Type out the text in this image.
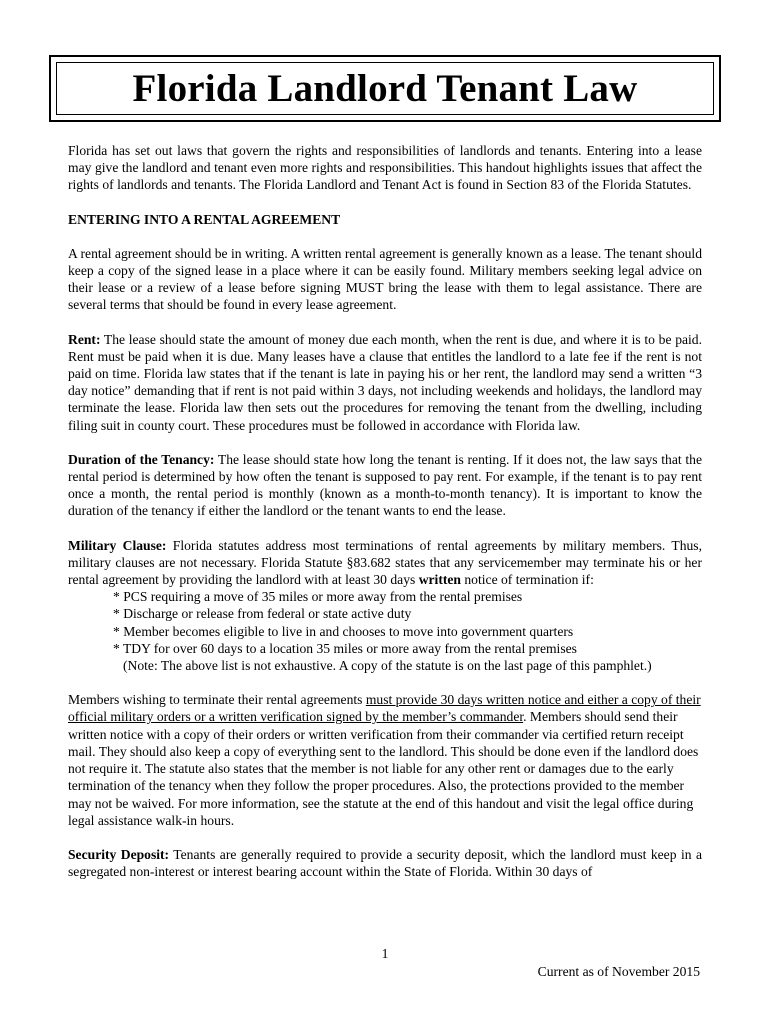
Florida Landlord Tenant Law

Florida has set out laws that govern the rights and responsibilities of landlords and tenants. Entering into a lease may give the landlord and tenant even more rights and responsibilities. This handout highlights issues that affect the rights of landlords and tenants. The Florida Landlord and Tenant Act is found in Section 83 of the Florida Statutes.

ENTERING INTO A RENTAL AGREEMENT

A rental agreement should be in writing. A written rental agreement is generally known as a lease. The tenant should keep a copy of the signed lease in a place where it can be easily found. Military members seeking legal advice on their lease or a review of a lease before signing MUST bring the lease with them to legal assistance. There are several terms that should be found in every lease agreement.

Rent: The lease should state the amount of money due each month, when the rent is due, and where it is to be paid. Rent must be paid when it is due. Many leases have a clause that entitles the landlord to a late fee if the rent is not paid on time. Florida law states that if the tenant is late in paying his or her rent, the landlord may send a written “3 day notice” demanding that if rent is not paid within 3 days, not including weekends and holidays, the landlord may terminate the lease. Florida law then sets out the procedures for removing the tenant from the dwelling, including filing suit in county court. These procedures must be followed in accordance with Florida law.

Duration of the Tenancy: The lease should state how long the tenant is renting. If it does not, the law says that the rental period is determined by how often the tenant is supposed to pay rent. For example, if the tenant is to pay rent once a month, the rental period is monthly (known as a month-to-month tenancy). It is important to know the duration of the tenancy if either the landlord or the tenant wants to end the lease.

Military Clause: Florida statutes address most terminations of rental agreements by military members. Thus, military clauses are not necessary. Florida Statute §83.682 states that any servicemember may terminate his or her rental agreement by providing the landlord with at least 30 days written notice of termination if:

* PCS requiring a move of 35 miles or more away from the rental premises
* Discharge or release from federal or state active duty
* Member becomes eligible to live in and chooses to move into government quarters
* TDY for over 60 days to a location 35 miles or more away from the rental premises

(Note: The above list is not exhaustive. A copy of the statute is on the last page of this pamphlet.)

Members wishing to terminate their rental agreements must provide 30 days written notice and either a copy of their official military orders or a written verification signed by the member’s commander. Members should send their written notice with a copy of their orders or written verification from their commander via certified return receipt mail. They should also keep a copy of everything sent to the landlord. This should be done even if the landlord does not require it. The statute also states that the member is not liable for any other rent or damages due to the early termination of the tenancy when they follow the proper procedures. Also, the protections provided to the member may not be waived. For more information, see the statute at the end of this handout and visit the legal office during legal assistance walk-in hours.

Security Deposit: Tenants are generally required to provide a security deposit, which the landlord must keep in a segregated non-interest or interest bearing account within the State of Florida. Within 30 days of

1
Current as of November 2015
